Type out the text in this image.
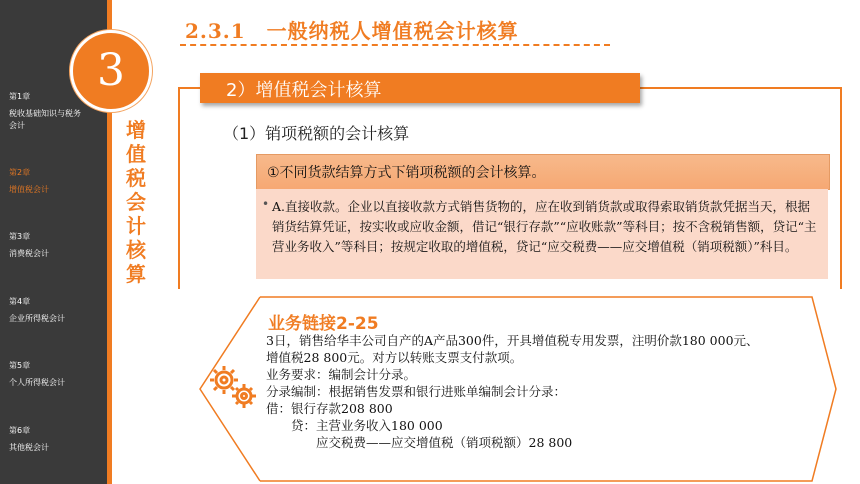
第1章
税收基础知识与税务会计
第2章
增值税会计
第3章
消费税会计
第4章
企业所得税会计
第5章
个人所得税会计
第6章
其他税会计
3
增值税会计核算
2.3.1　一般纳税人增值税会计核算
2）增值税会计核算
（1）销项税额的会计核算
①不同货款结算方式下销项税额的会计核算。
• A.直接收款。企业以直接收款方式销售货物的，应在收到销货款或取得索取销货款凭据当天，根据销货结算凭证，按实收或应收金额，借记“银行存款”“应收账款”等科目；按不含税销售额，贷记“主营业务收入”等科目；按规定收取的增值税，贷记“应交税费——应交增值税（销项税额）”科目。

业务链接2-25
3日，销售给华丰公司自产的A产品300件，开具增值税专用发票，注明价款180 000元、
增值税28 800元。对方以转账支票支付款项。
业务要求：编制会计分录。
分录编制：根据销售发票和银行进账单编制会计分录：
借：银行存款208 800
　　贷：主营业务收入180 000
　　　　应交税费——应交增值税（销项税额）28 800
